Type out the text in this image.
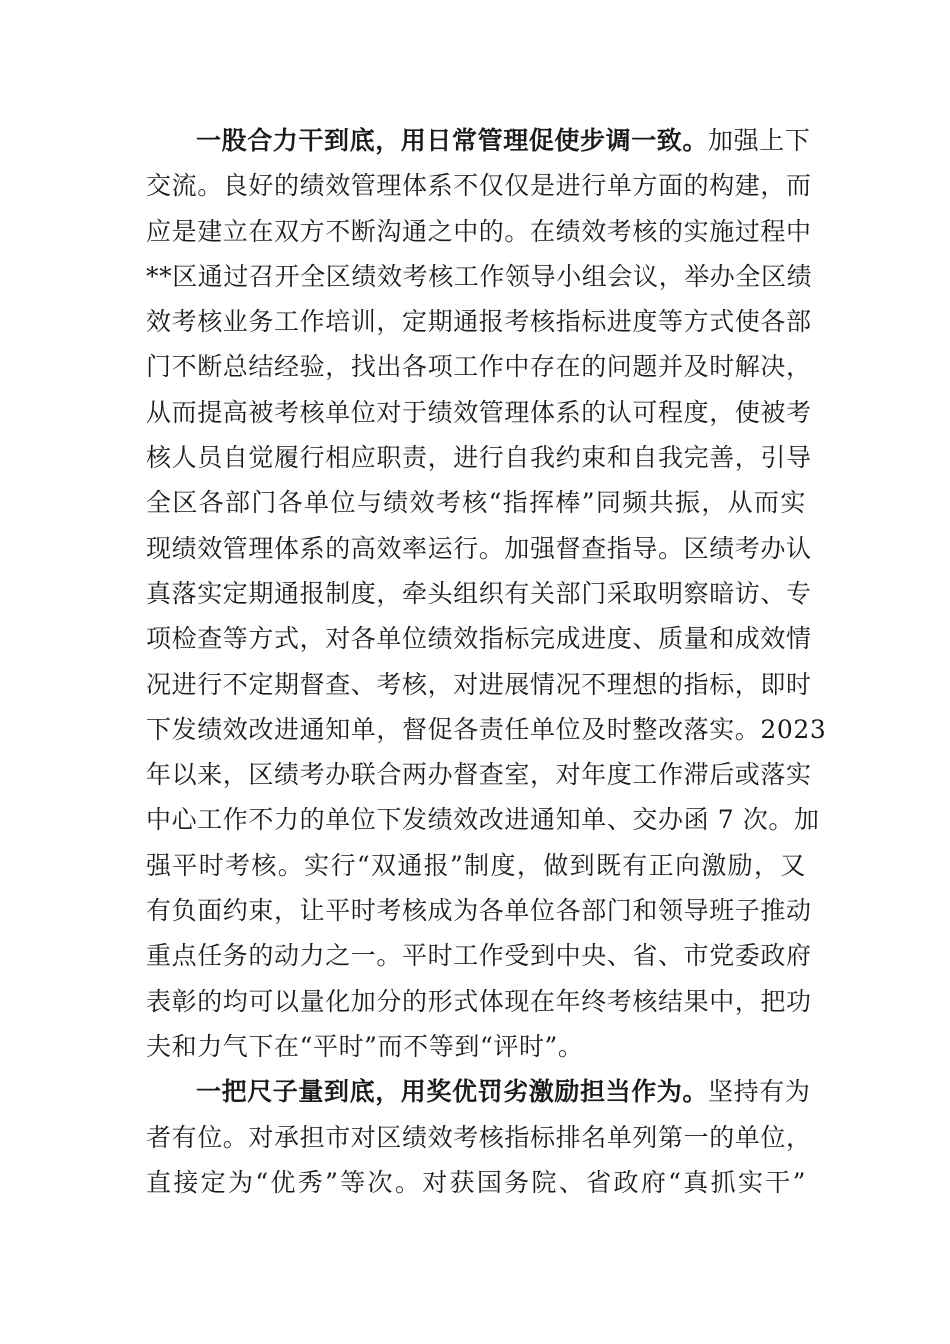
一股合力干到底，用日常管理促使步调一致。加强上下
交流。良好的绩效管理体系不仅仅是进行单方面的构建，而
应是建立在双方不断沟通之中的。在绩效考核的实施过程中
**区通过召开全区绩效考核工作领导小组会议，举办全区绩
效考核业务工作培训，定期通报考核指标进度等方式使各部
门不断总结经验，找出各项工作中存在的问题并及时解决，
从而提高被考核单位对于绩效管理体系的认可程度，使被考
核人员自觉履行相应职责，进行自我约束和自我完善，引导
全区各部门各单位与绩效考核“指挥棒”同频共振，从而实
现绩效管理体系的高效率运行。加强督查指导。区绩考办认
真落实定期通报制度，牵头组织有关部门采取明察暗访、专
项检查等方式，对各单位绩效指标完成进度、质量和成效情
况进行不定期督查、考核，对进展情况不理想的指标，即时
下发绩效改进通知单，督促各责任单位及时整改落实。2023
年以来，区绩考办联合两办督查室，对年度工作滞后或落实
中心工作不力的单位下发绩效改进通知单、交办函 7 次。加
强平时考核。实行“双通报”制度，做到既有正向激励，又
有负面约束，让平时考核成为各单位各部门和领导班子推动
重点任务的动力之一。平时工作受到中央、省、市党委政府
表彰的均可以量化加分的形式体现在年终考核结果中，把功
夫和力气下在“平时”而不等到“评时”。
一把尺子量到底，用奖优罚劣激励担当作为。坚持有为
者有位。对承担市对区绩效考核指标排名单列第一的单位，
直接定为“优秀”等次。对获国务院、省政府“真抓实干”
